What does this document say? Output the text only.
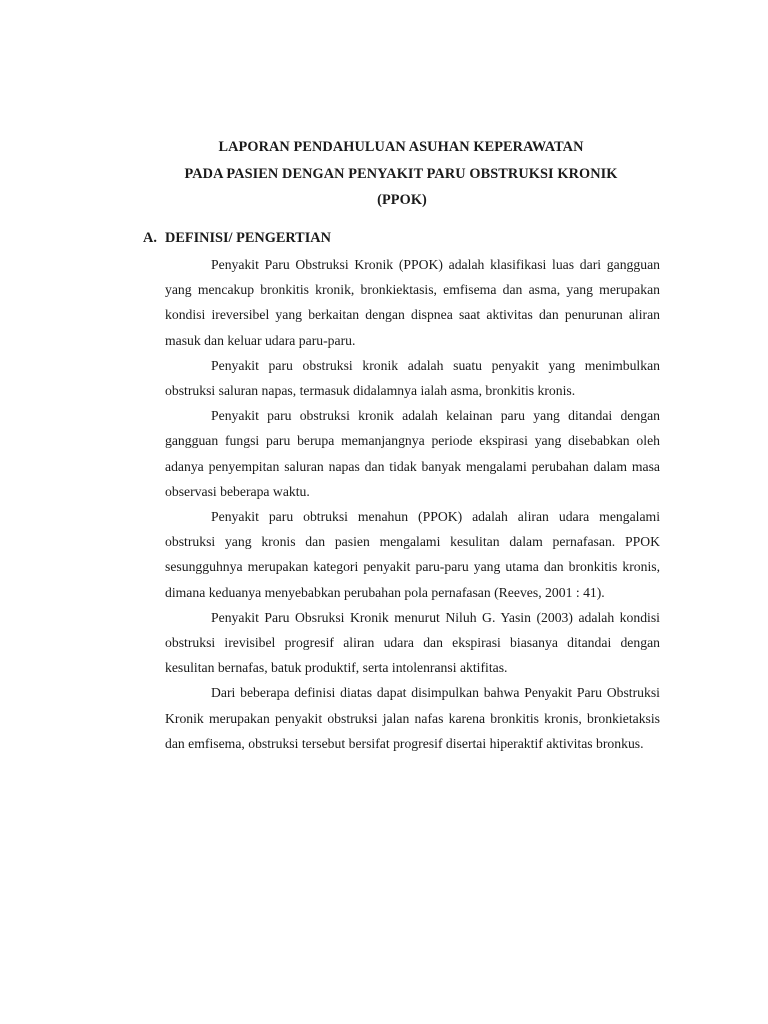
LAPORAN PENDAHULUAN ASUHAN KEPERAWATAN
PADA PASIEN DENGAN PENYAKIT PARU OBSTRUKSI KRONIK
(PPOK)
A. DEFINISI/ PENGERTIAN

Penyakit Paru Obstruksi Kronik (PPOK) adalah klasifikasi luas dari gangguan yang mencakup bronkitis kronik, bronkiektasis, emfisema dan asma, yang merupakan kondisi ireversibel yang berkaitan dengan dispnea saat aktivitas dan penurunan aliran masuk dan keluar udara paru-paru.

Penyakit paru obstruksi kronik adalah suatu penyakit yang menimbulkan obstruksi saluran napas, termasuk didalamnya ialah asma, bronkitis kronis.

Penyakit paru obstruksi kronik adalah kelainan paru yang ditandai dengan gangguan fungsi paru berupa memanjangnya periode ekspirasi yang disebabkan oleh adanya penyempitan saluran napas dan tidak banyak mengalami perubahan dalam masa observasi beberapa waktu.

Penyakit paru obtruksi menahun (PPOK) adalah aliran udara mengalami obstruksi yang kronis dan pasien mengalami kesulitan dalam pernafasan. PPOK sesungguhnya merupakan kategori penyakit paru-paru yang utama dan bronkitis kronis, dimana keduanya menyebabkan perubahan pola pernafasan (Reeves, 2001 : 41).

Penyakit Paru Obsruksi Kronik menurut Niluh G. Yasin (2003) adalah kondisi obstruksi irevisibel progresif aliran udara dan ekspirasi biasanya ditandai dengan kesulitan bernafas, batuk produktif, serta intolenransi aktifitas.

Dari beberapa definisi diatas dapat disimpulkan bahwa Penyakit Paru Obstruksi Kronik merupakan penyakit obstruksi jalan nafas karena bronkitis kronis, bronkietaksis dan emfisema, obstruksi tersebut bersifat progresif disertai hiperaktif aktivitas bronkus.
